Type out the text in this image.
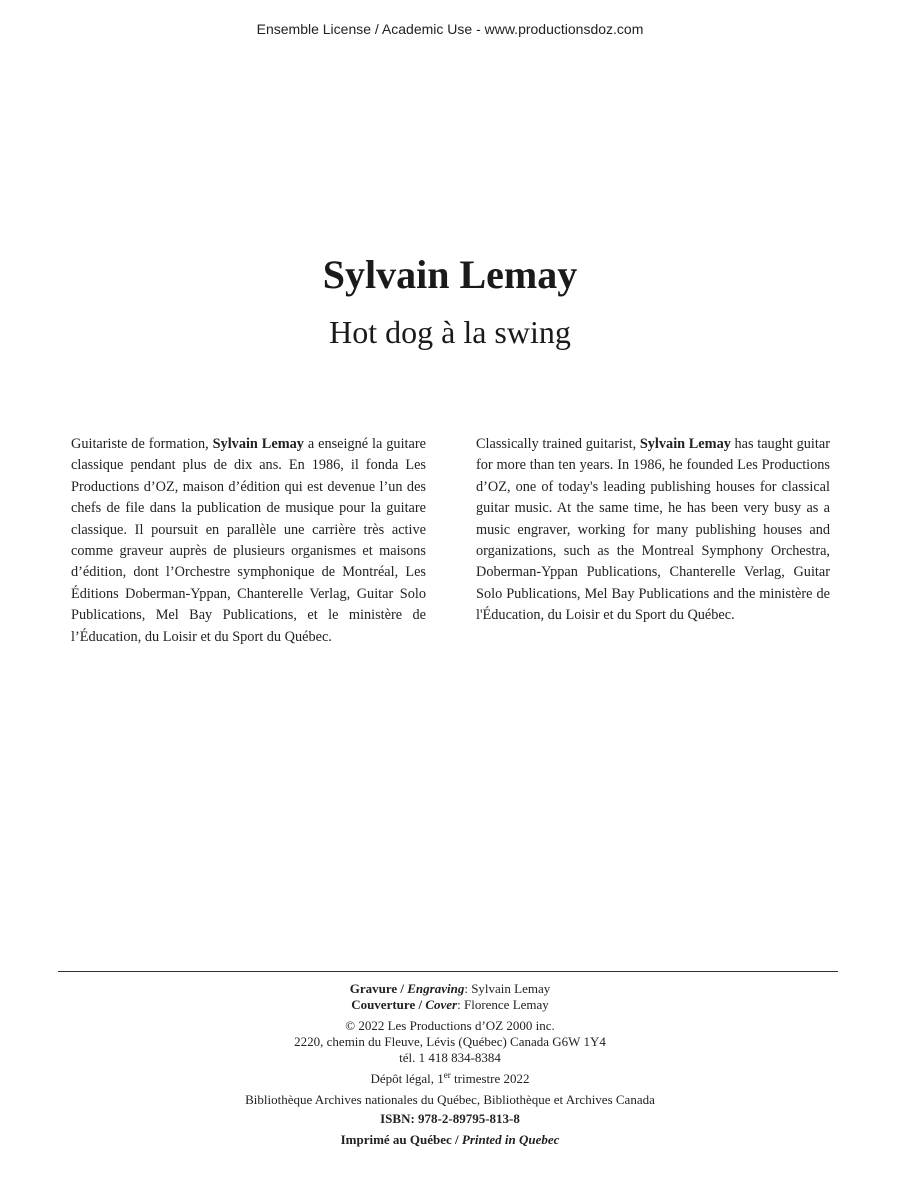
Ensemble License / Academic Use - www.productionsdoz.com
Sylvain Lemay
Hot dog à la swing
Guitariste de formation, Sylvain Lemay a enseigné la guitare classique pendant plus de dix ans. En 1986, il fonda Les Productions d’OZ, maison d’édition qui est devenue l’un des chefs de file dans la publication de musique pour la guitare classique. Il poursuit en parallèle une carrière très active comme graveur auprès de plusieurs organismes et maisons d’édition, dont l’Orchestre symphonique de Montréal, Les Éditions Doberman-Yppan, Chanterelle Verlag, Guitar Solo Publications, Mel Bay Publications, et le ministère de l’Éducation, du Loisir et du Sport du Québec.
Classically trained guitarist, Sylvain Lemay has taught guitar for more than ten years. In 1986, he founded Les Productions d’OZ, one of today's leading publishing houses for classical guitar music. At the same time, he has been very busy as a music engraver, working for many publishing houses and organizations, such as the Montreal Symphony Orchestra, Doberman-Yppan Publications, Chanterelle Verlag, Guitar Solo Publications, Mel Bay Publications and the ministère de l'Éducation, du Loisir et du Sport du Québec.
Gravure / Engraving: Sylvain Lemay
Couverture / Cover: Florence Lemay
© 2022 Les Productions d’OZ 2000 inc.
2220, chemin du Fleuve, Lévis (Québec) Canada G6W 1Y4
tél. 1 418 834-8384
Dépôt légal, 1er trimestre 2022
Bibliothèque Archives nationales du Québec, Bibliothèque et Archives Canada
ISBN: 978-2-89795-813-8
Imprimé au Québec / Printed in Quebec
